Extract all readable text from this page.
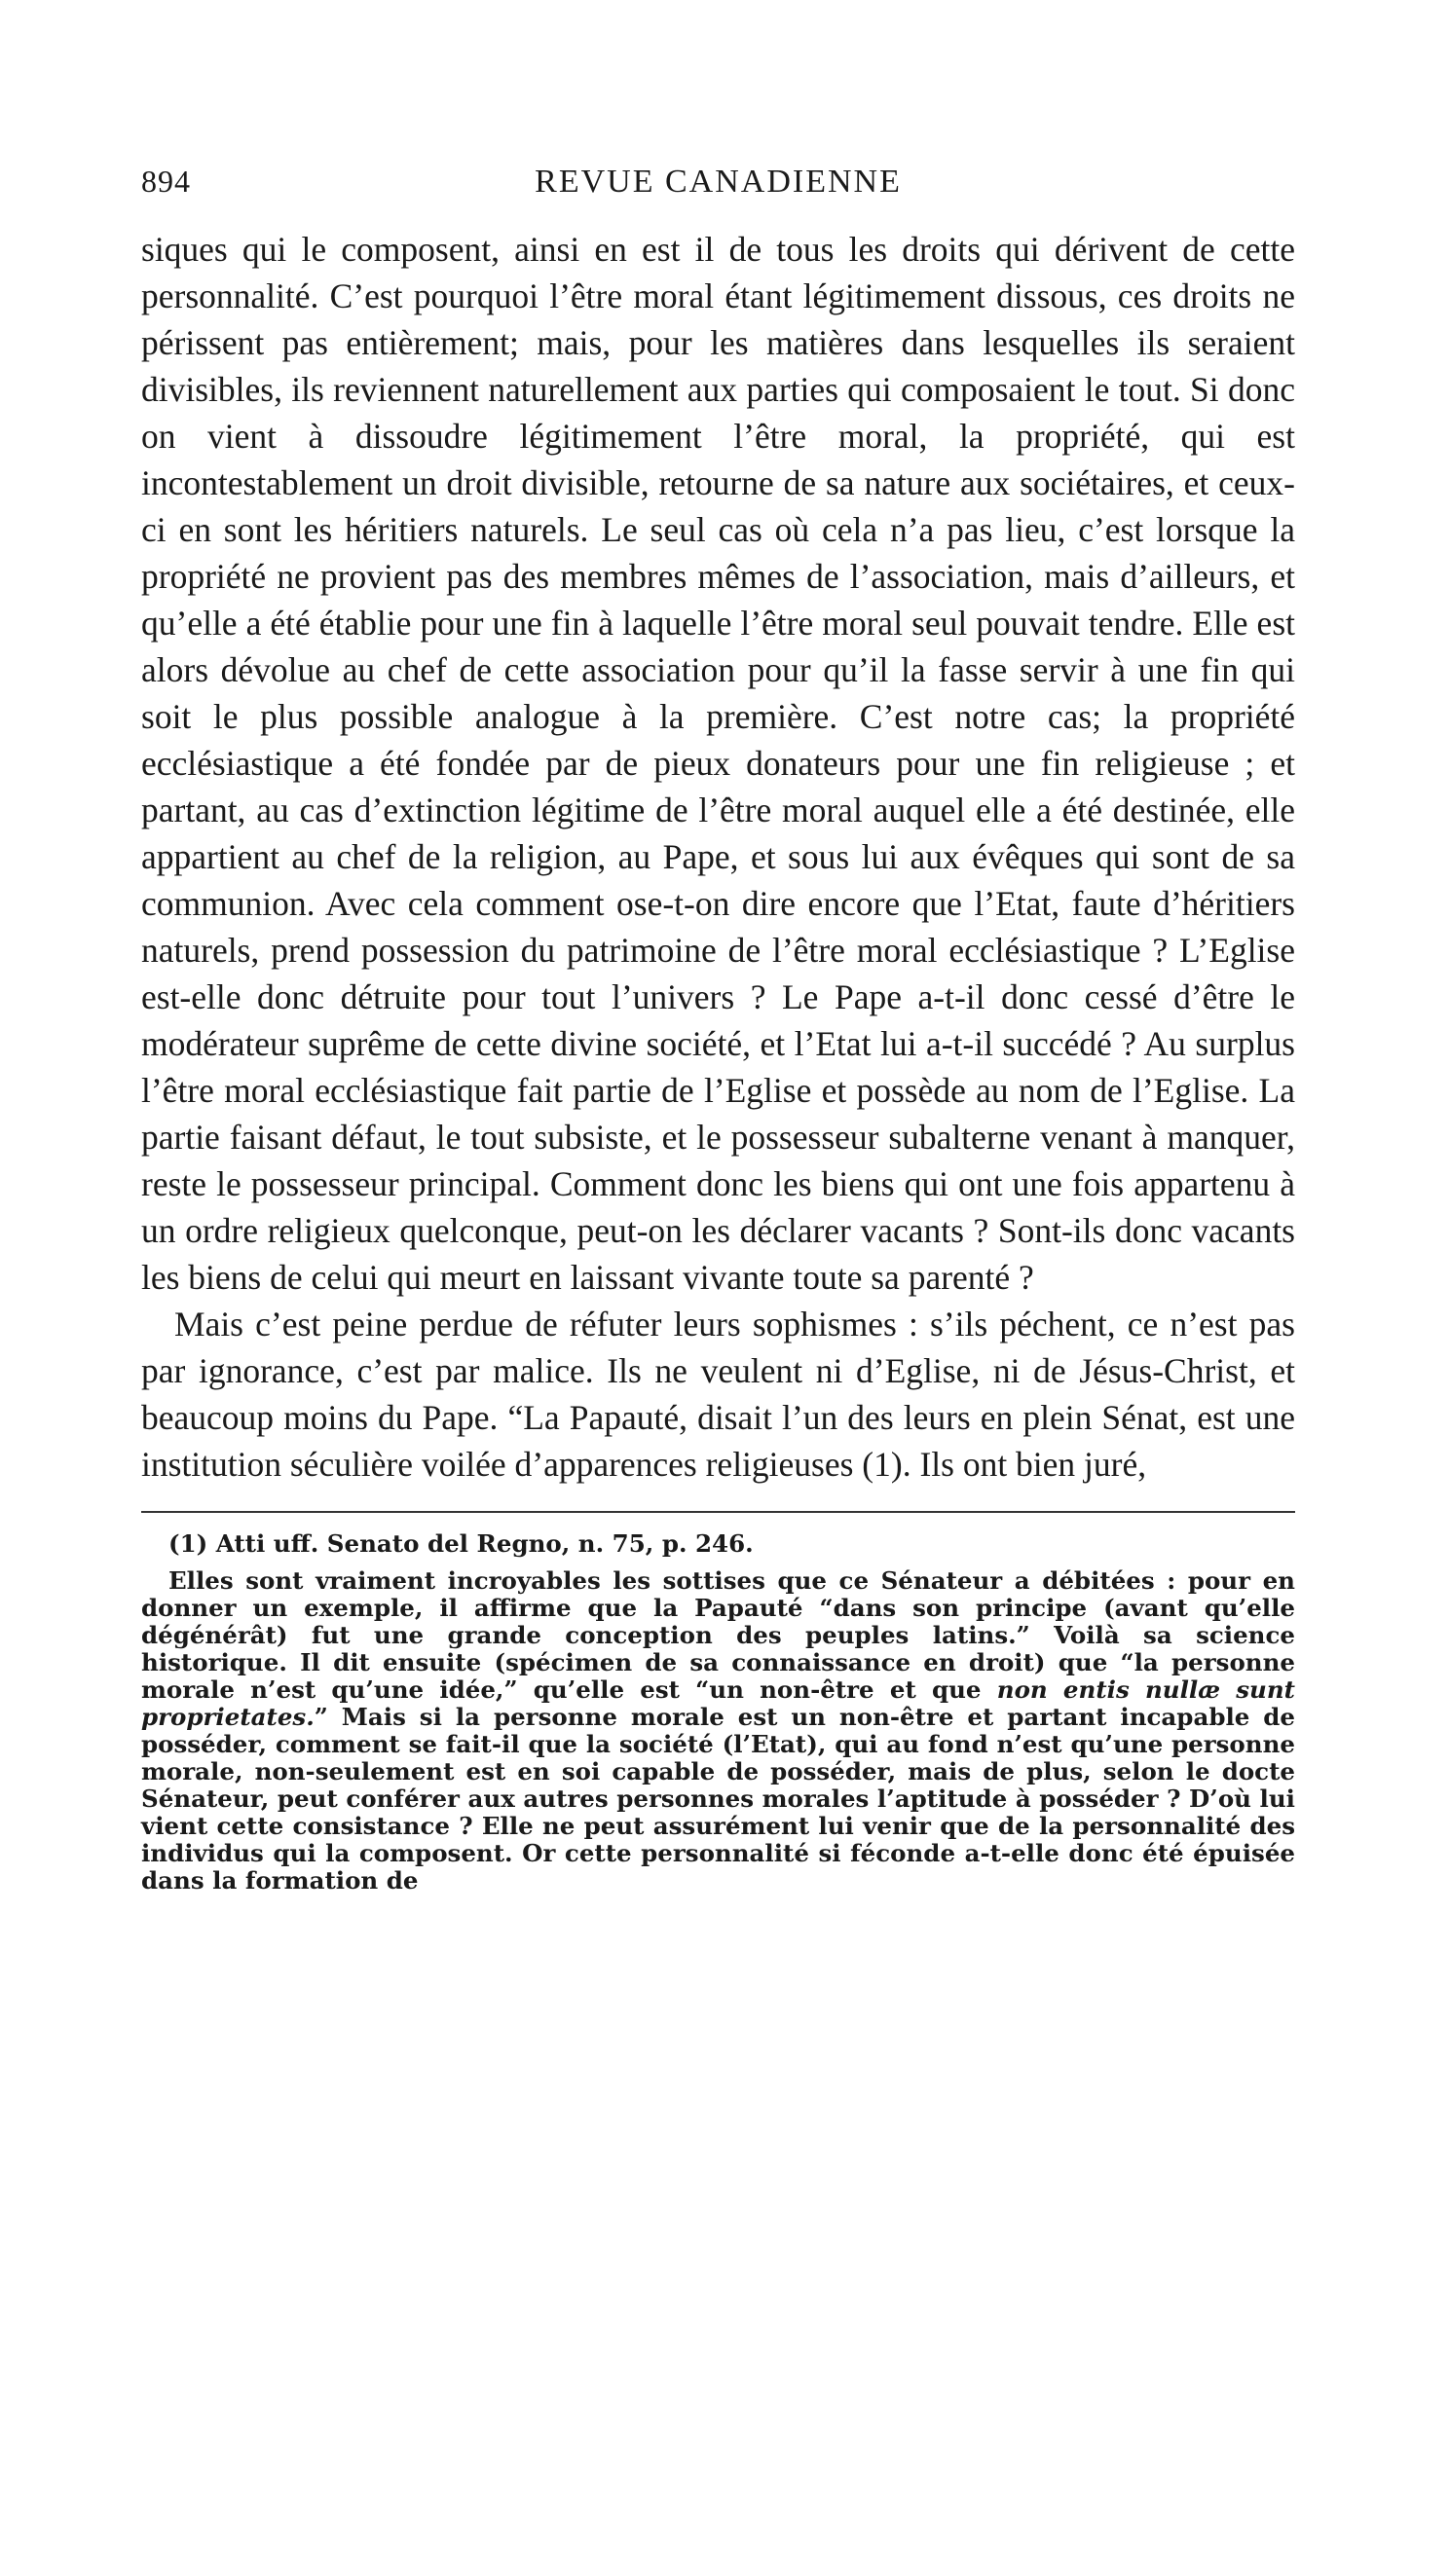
894	REVUE CANADIENNE

siques qui le composent, ainsi en est il de tous les droits qui dérivent de cette personnalité. C’est pourquoi l’être moral étant légitimement dissous, ces droits ne périssent pas entièrement; mais, pour les matières dans lesquelles ils seraient divisibles, ils reviennent naturellement aux parties qui composaient le tout. Si donc on vient à dissoudre légitimement l’être moral, la propriété, qui est incontestablement un droit divisible, retourne de sa nature aux sociétaires, et ceux-ci en sont les héritiers naturels. Le seul cas où cela n’a pas lieu, c’est lorsque la propriété ne provient pas des membres mêmes de l’association, mais d’ailleurs, et qu’elle a été établie pour une fin à laquelle l’être moral seul pouvait tendre. Elle est alors dévolue au chef de cette association pour qu’il la fasse servir à une fin qui soit le plus possible analogue à la première. C’est notre cas; la propriété ecclésiastique a été fondée par de pieux donateurs pour une fin religieuse ; et partant, au cas d’extinction légitime de l’être moral auquel elle a été destinée, elle appartient au chef de la religion, au Pape, et sous lui aux évêques qui sont de sa communion. Avec cela comment ose-t-on dire encore que l’Etat, faute d’héritiers naturels, prend possession du patrimoine de l’être moral ecclésiastique ? L’Eglise est-elle donc détruite pour tout l’univers ? Le Pape a-t-il donc cessé d’être le modérateur suprême de cette divine société, et l’Etat lui a-t-il succédé ? Au surplus l’être moral ecclésiastique fait partie de l’Eglise et possède au nom de l’Eglise. La partie faisant défaut, le tout subsiste, et le possesseur subalterne venant à manquer, reste le possesseur principal. Comment donc les biens qui ont une fois appartenu à un ordre religieux quelconque, peut-on les déclarer vacants ? Sont-ils donc vacants les biens de celui qui meurt en laissant vivante toute sa parenté ?

Mais c’est peine perdue de réfuter leurs sophismes : s’ils péchent, ce n’est pas par ignorance, c’est par malice. Ils ne veulent ni d’Eglise, ni de Jésus-Christ, et beaucoup moins du Pape. “La Papauté, disait l’un des leurs en plein Sénat, est une institution séculière voilée d’apparences religieuses (1). Ils ont bien juré,

(1) Atti uff. Senato del Regno, n. 75, p. 246.

Elles sont vraiment incroyables les sottises que ce Sénateur a débitées : pour en donner un exemple, il affirme que la Papauté “dans son principe (avant qu’elle dégénérât) fut une grande conception des peuples latins.” Voilà sa science historique. Il dit ensuite (spécimen de sa connaissance en droit) que “la personne morale n’est qu’une idée,” qu’elle est “un non-être et que non entis nullæ sunt proprietates.” Mais si la personne morale est un non-être et partant incapable de posséder, comment se fait-il que la société (l’Etat), qui au fond n’est qu’une personne morale, non-seulement est en soi capable de posséder, mais de plus, selon le docte Sénateur, peut conférer aux autres personnes morales l’aptitude à posséder ? D’où lui vient cette consistance ? Elle ne peut assurément lui venir que de la personnalité des individus qui la composent. Or cette personnalité si féconde a-t-elle donc été épuisée dans la formation de
